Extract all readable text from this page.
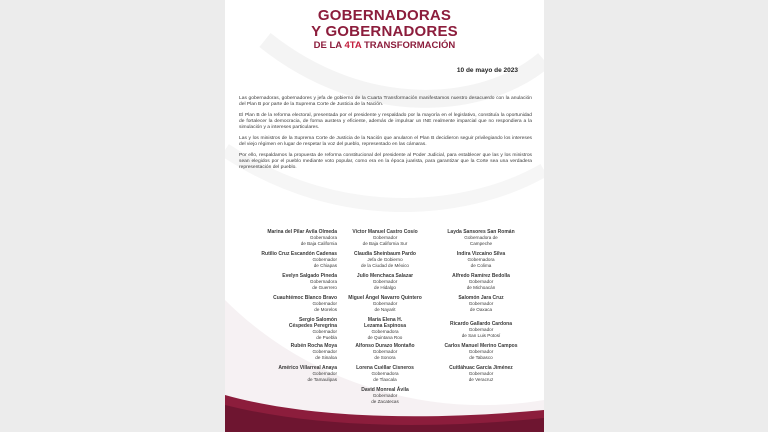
GOBERNADORAS
Y GOBERNADORES
DE LA 4TA TRANSFORMACIÓN
10 de mayo de 2023

Las gobernadoras, gobernadores y jefa de gobierno de la Cuarta Transformación manifestamos nuestro desacuerdo con la anulación del Plan B por parte de la Suprema Corte de Justicia de la Nación.

El Plan B de la reforma electoral, presentada por el presidente y respaldado por la mayoría en el legislativo, constituía la oportunidad de fortalecer la democracia, de forma austera y eficiente, además de impulsar un INE realmente imparcial que no respondiera a la simulación y a intereses particulares.

Las y los ministros de la Suprema Corte de Justicia de la Nación que anularon el Plan B decidieron seguir privilegiando los intereses del viejo régimen en lugar de respetar la voz del pueblo, representado en las cámaras.

Por ello, respaldamos la propuesta de reforma constitucional del presidente al Poder Judicial, para establecer que las y los ministros sean elegidos por el pueblo mediante voto popular, como era en la época juarista, para garantizar que la Corte sea una verdadera representación del pueblo.

Marina del Pilar Avila Olmeda
Gobernadora
de Baja California
Rutilio Cruz Escandón Cadenas
Gobernador
de Chiapas
Evelyn Salgado Pineda
Gobernadora
de Guerrero
Cuauhtémoc Blanco Bravo
Gobernador
de Morelos
Sergio Salomón
Céspedes Peregrina
Gobernador
de Puebla
Rubén Rocha Moya
Gobernador
de Sinaloa
Américo Villarreal Anaya
Gobernador
de Tamaulipas
Víctor Manuel Castro Cosío
Gobernador
de Baja California Sur
Claudia Sheinbaum Pardo
Jefa de Gobierno
de la Ciudad de México
Julio Menchaca Salazar
Gobernador
de Hidalgo
Miguel Ángel Navarro Quintero
Gobernador
de Nayarit
María Elena H.
Lezama Espinosa
Gobernadora
de Quintana Roo
Alfonso Durazo Montaño
Gobernador
de Sonora
Lorena Cuéllar Cisneros
Gobernadora
de Tlaxcala
David Monreal Ávila
Gobernador
de Zacatecas
Layda Sansores San Román
Gobernadora de
Campeche
Indira Vizcaíno Silva
Gobernadora
de Colima
Alfredo Ramírez Bedolla
Gobernador
de Michoacán
Salomón Jara Cruz
Gobernador
de Oaxaca
Ricardo Gallardo Cardona
Gobernador
de San Luis Potosí
Carlos Manuel Merino Campos
Gobernador
de Tabasco
Cuitláhuac García Jiménez
Gobernador
de Veracruz
